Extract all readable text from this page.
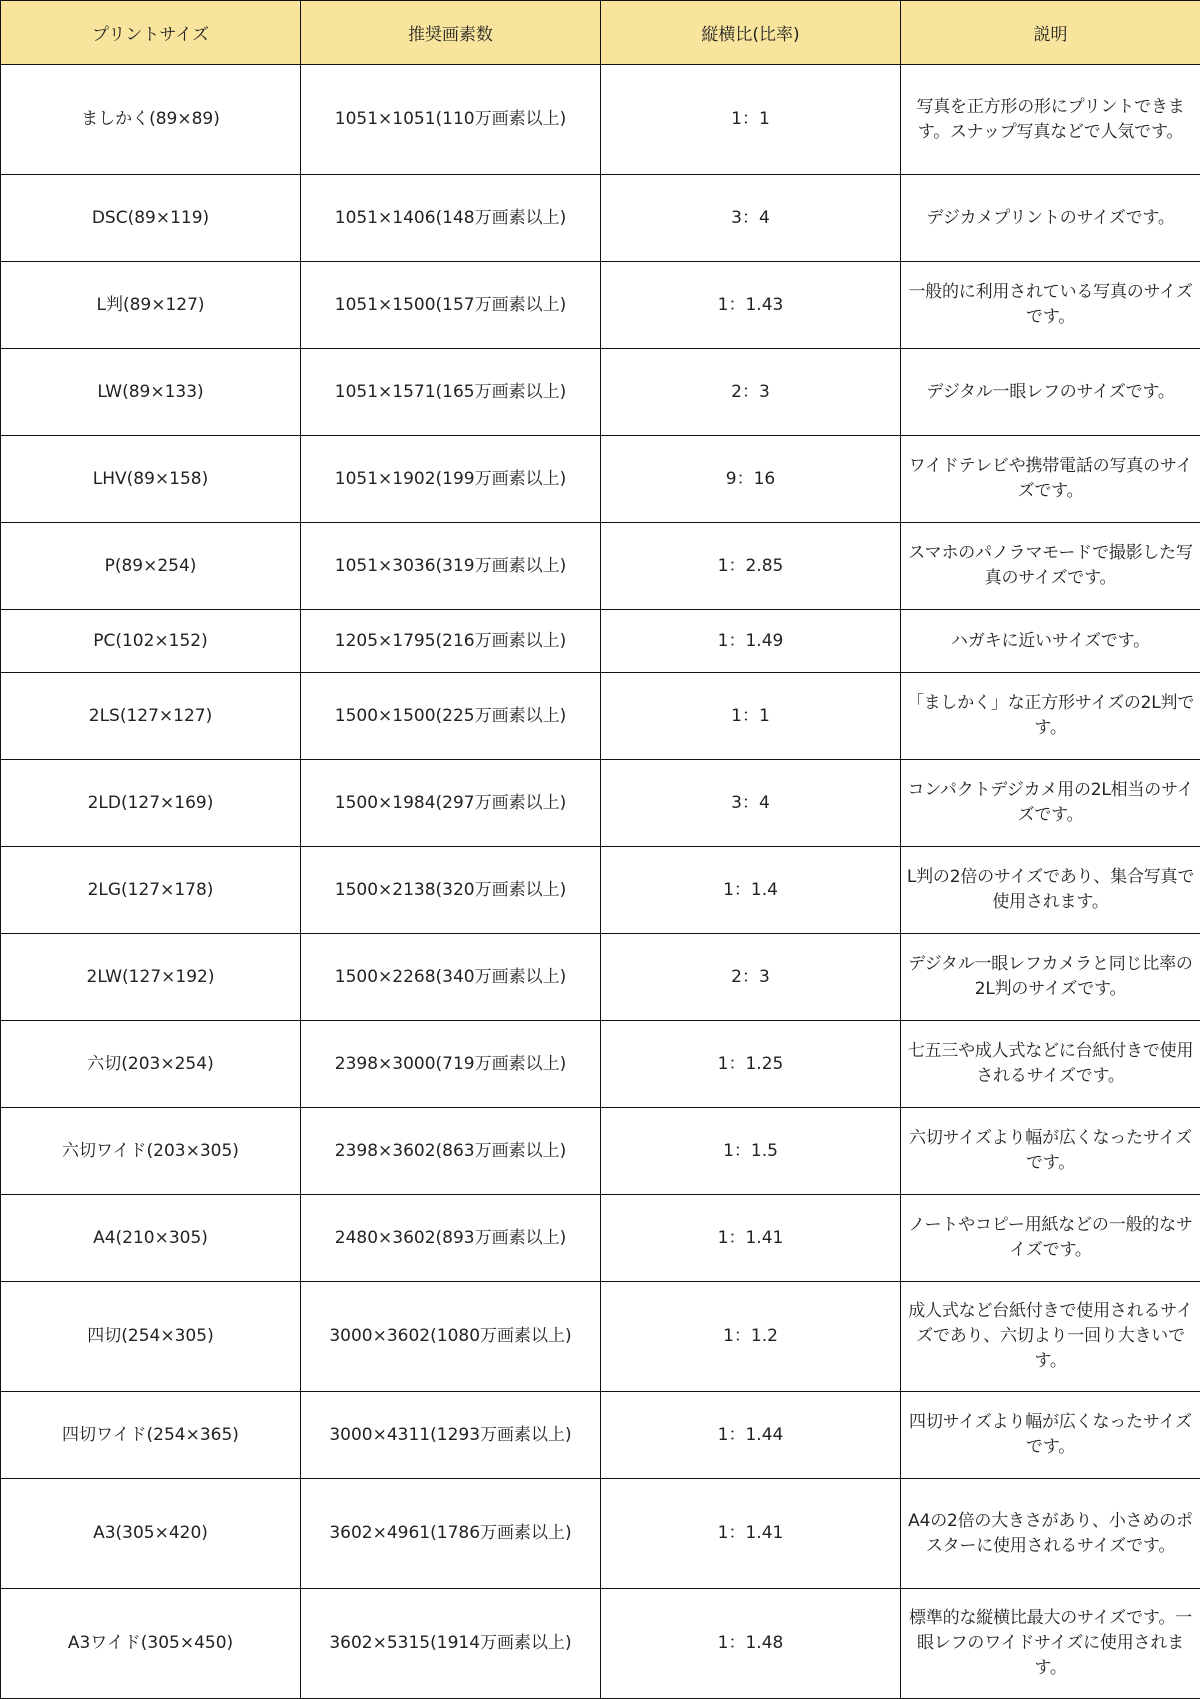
プリントサイズ	推奨画素数	縦横比(比率)	説明
ましかく(89×89)	1051×1051(110万画素以上)	1：1	写真を正方形の形にプリントできます。スナップ写真などで人気です。
DSC(89×119)	1051×1406(148万画素以上)	3：4	デジカメプリントのサイズです。
L判(89×127)	1051×1500(157万画素以上)	1：1.43	一般的に利用されている写真のサイズです。
LW(89×133)	1051×1571(165万画素以上)	2：3	デジタル一眼レフのサイズです。
LHV(89×158)	1051×1902(199万画素以上)	9：16	ワイドテレビや携帯電話の写真のサイズです。
P(89×254)	1051×3036(319万画素以上)	1：2.85	スマホのパノラマモードで撮影した写真のサイズです。
PC(102×152)	1205×1795(216万画素以上)	1：1.49	ハガキに近いサイズです。
2LS(127×127)	1500×1500(225万画素以上)	1：1	「ましかく」な正方形サイズの2L判です。
2LD(127×169)	1500×1984(297万画素以上)	3：4	コンパクトデジカメ用の2L相当のサイズです。
2LG(127×178)	1500×2138(320万画素以上)	1：1.4	L判の2倍のサイズであり、集合写真で使用されます。
2LW(127×192)	1500×2268(340万画素以上)	2：3	デジタル一眼レフカメラと同じ比率の2L判のサイズです。
六切(203×254)	2398×3000(719万画素以上)	1：1.25	七五三や成人式などに台紙付きで使用されるサイズです。
六切ワイド(203×305)	2398×3602(863万画素以上)	1：1.5	六切サイズより幅が広くなったサイズです。
A4(210×305)	2480×3602(893万画素以上)	1：1.41	ノートやコピー用紙などの一般的なサイズです。
四切(254×305)	3000×3602(1080万画素以上)	1：1.2	成人式など台紙付きで使用されるサイズであり、六切より一回り大きいです。
四切ワイド(254×365)	3000×4311(1293万画素以上)	1：1.44	四切サイズより幅が広くなったサイズです。
A3(305×420)	3602×4961(1786万画素以上)	1：1.41	A4の2倍の大きさがあり、小さめのポスターに使用されるサイズです。
A3ワイド(305×450)	3602×5315(1914万画素以上)	1：1.48	標準的な縦横比最大のサイズです。一眼レフのワイドサイズに使用されます。
